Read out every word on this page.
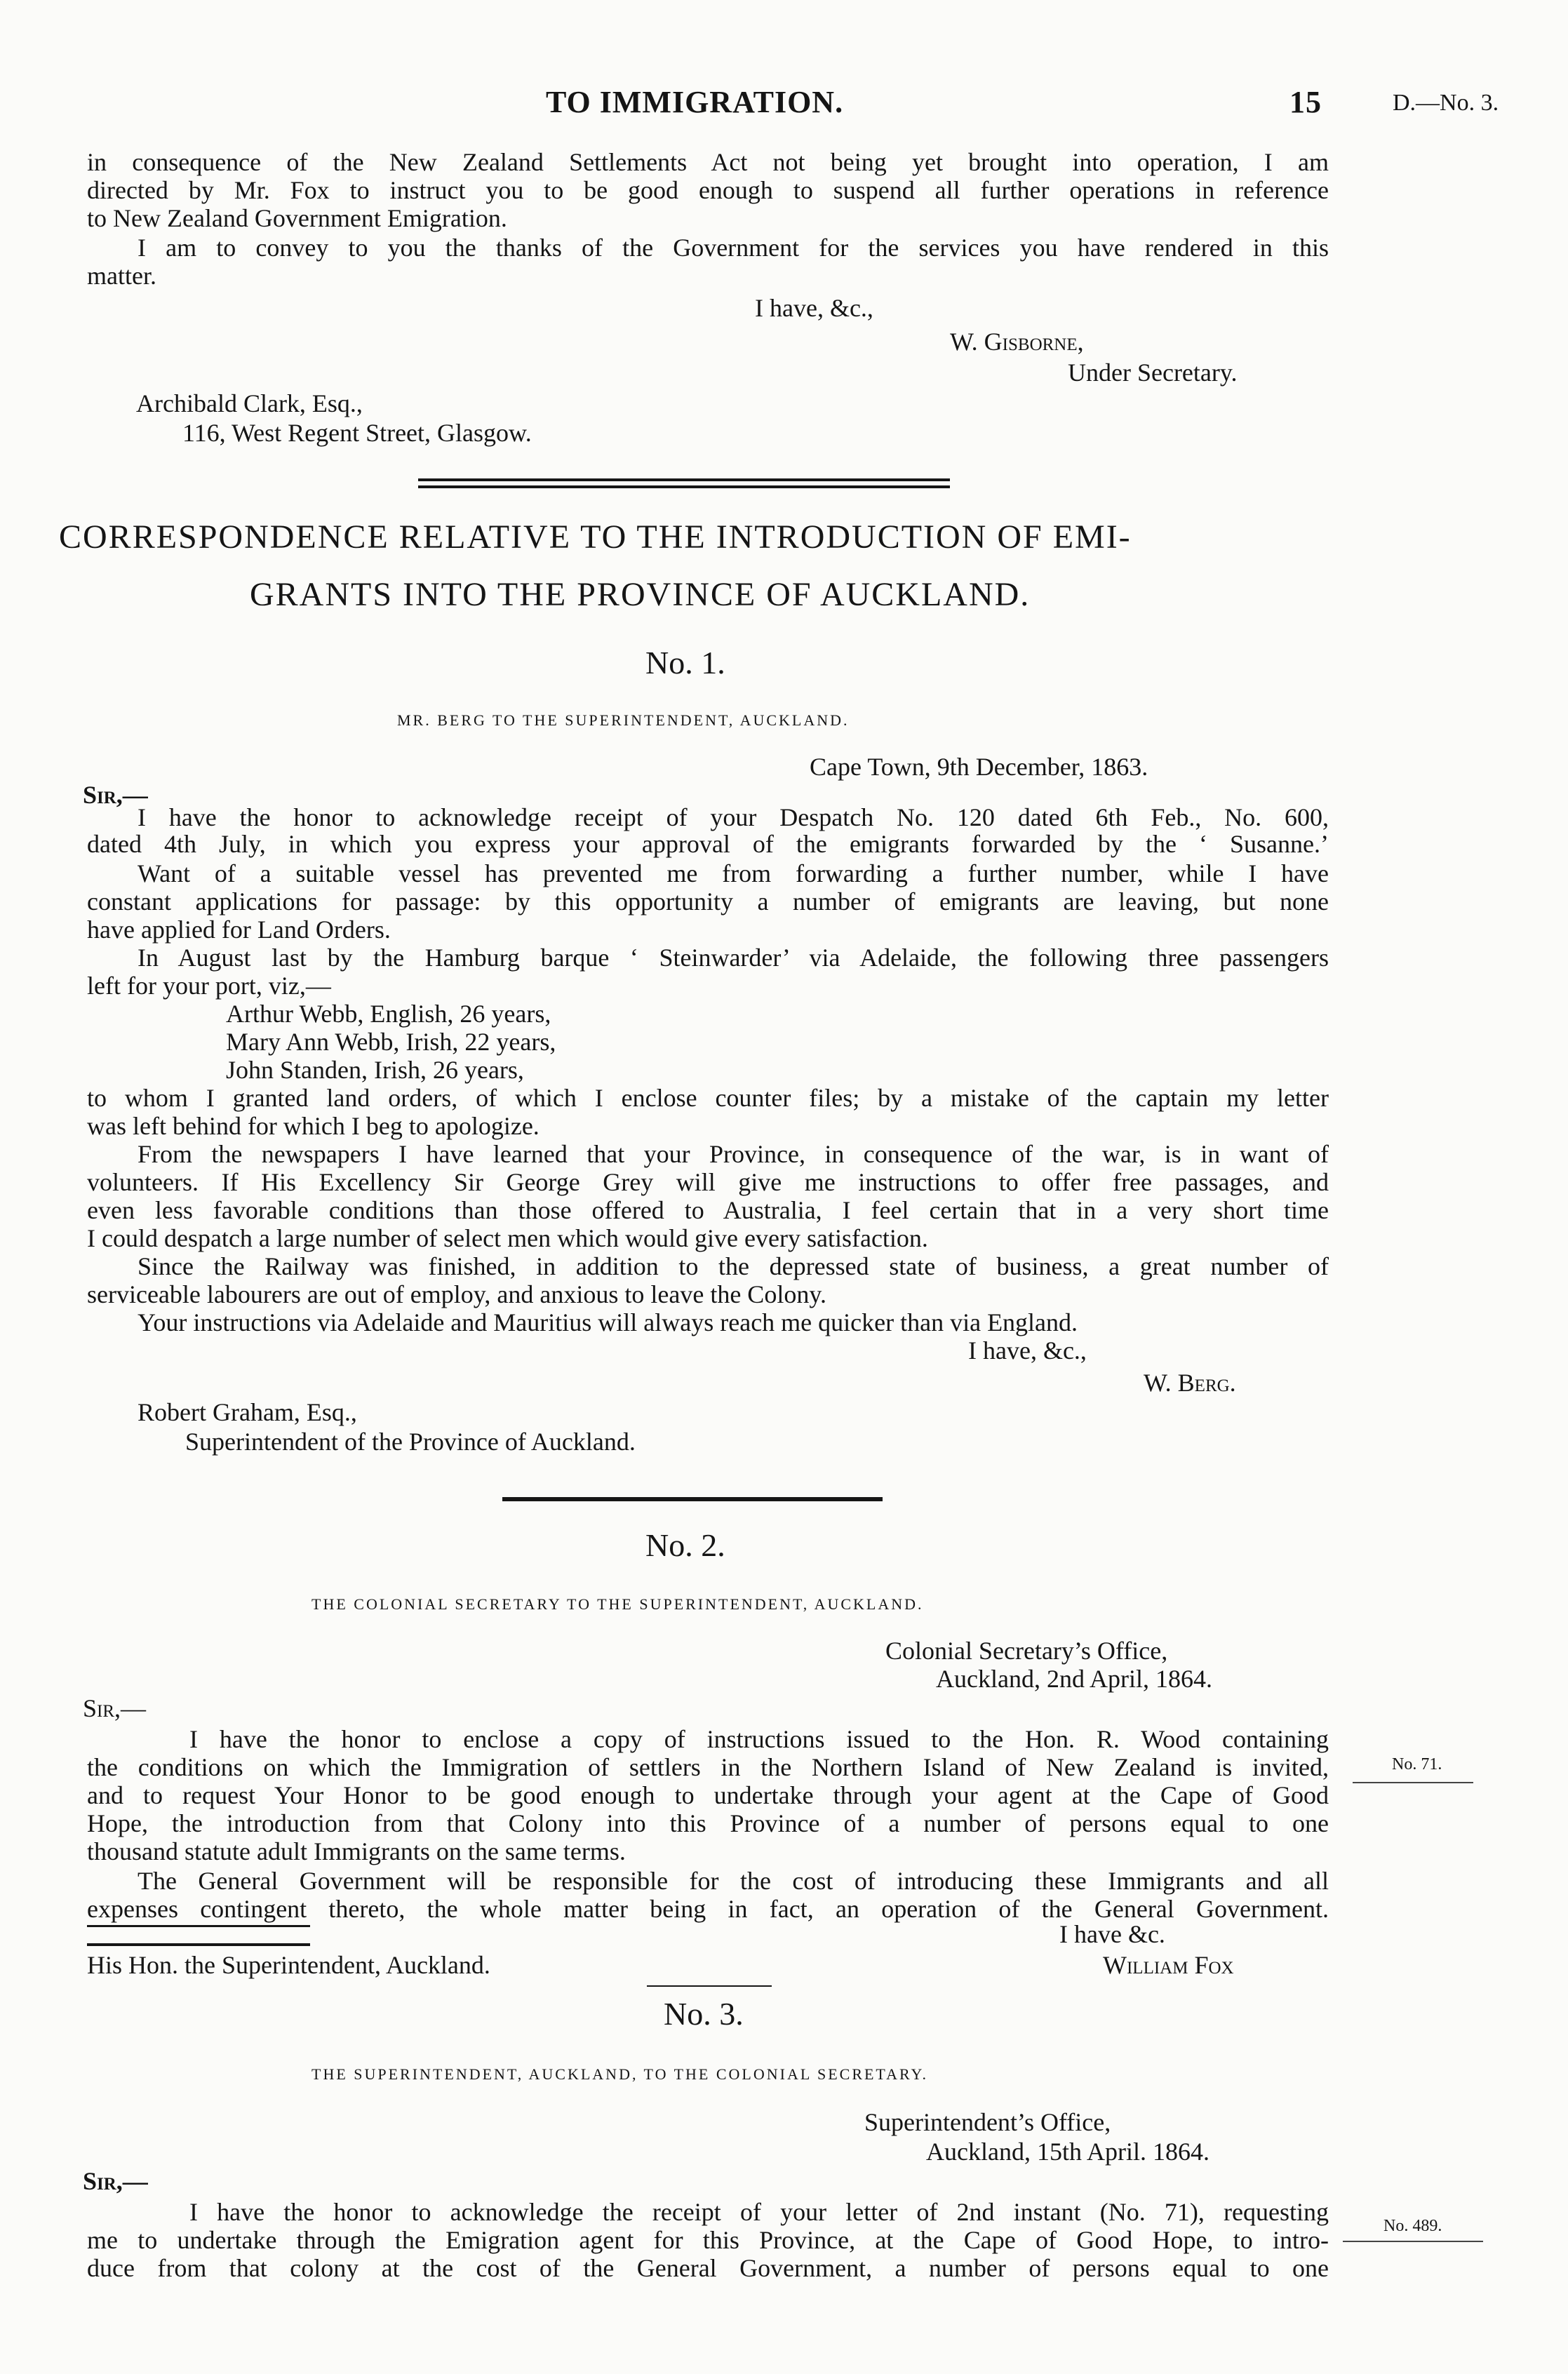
TO IMMIGRATION.	15	D.—No. 3.
in consequence of the New Zealand Settlements Act not being yet brought into operation, I am
directed by Mr. Fox to instruct you to be good enough to suspend all further operations in reference
to New Zealand Government Emigration.
I am to convey to you the thanks of the Government for the services you have rendered in this
matter.
I have, &c.,
W. Gisborne,
Under Secretary.
Archibald Clark, Esq.,
116, West Regent Street, Glasgow.
CORRESPONDENCE RELATIVE TO THE INTRODUCTION OF EMI-
GRANTS INTO THE PROVINCE OF AUCKLAND.
No. 1.
MR. BERG TO THE SUPERINTENDENT, AUCKLAND.
Cape Town, 9th December, 1863.
Sir,—
I have the honor to acknowledge receipt of your Despatch No. 120 dated 6th Feb., No. 600,
dated 4th July, in which you express your approval of the emigrants forwarded by the ‘ Susanne.’
Want of a suitable vessel has prevented me from forwarding a further number, while I have
constant applications for passage: by this opportunity a number of emigrants are leaving, but none
have applied for Land Orders.
In August last by the Hamburg barque ‘ Steinwarder’ via Adelaide, the following three passengers
left for your port, viz,—
Arthur Webb, English, 26 years,
Mary Ann Webb, Irish, 22 years,
John Standen, Irish, 26 years,
to whom I granted land orders, of which I enclose counter files; by a mistake of the captain my letter
was left behind for which I beg to apologize.
From the newspapers I have learned that your Province, in consequence of the war, is in want of
volunteers. If His Excellency Sir George Grey will give me instructions to offer free passages, and
even less favorable conditions than those offered to Australia, I feel certain that in a very short time
I could despatch a large number of select men which would give every satisfaction.
Since the Railway was finished, in addition to the depressed state of business, a great number of
serviceable labourers are out of employ, and anxious to leave the Colony.
Your instructions via Adelaide and Mauritius will always reach me quicker than via England.
I have, &c.,
W. Berg.
Robert Graham, Esq.,
Superintendent of the Province of Auckland.
No. 2.
THE COLONIAL SECRETARY TO THE SUPERINTENDENT, AUCKLAND.
Colonial Secretary’s Office,
Auckland, 2nd April, 1864.
Sir,—
No. 71.
I have the honor to enclose a copy of instructions issued to the Hon. R. Wood containing
the conditions on which the Immigration of settlers in the Northern Island of New Zealand is invited,
and to request Your Honor to be good enough to undertake through your agent at the Cape of Good
Hope, the introduction from that Colony into this Province of a number of persons equal to one
thousand statute adult Immigrants on the same terms.
The General Government will be responsible for the cost of introducing these Immigrants and all
expenses contingent thereto, the whole matter being in fact, an operation of the General Government.
I have &c.
His Hon. the Superintendent, Auckland.	William Fox
No. 3.
THE SUPERINTENDENT, AUCKLAND, TO THE COLONIAL SECRETARY.
Superintendent’s Office,
Auckland, 15th April. 1864.
Sir,—
No. 489.
I have the honor to acknowledge the receipt of your letter of 2nd instant (No. 71), requesting
me to undertake through the Emigration agent for this Province, at the Cape of Good Hope, to intro-
duce from that colony at the cost of the General Government, a number of persons equal to one
